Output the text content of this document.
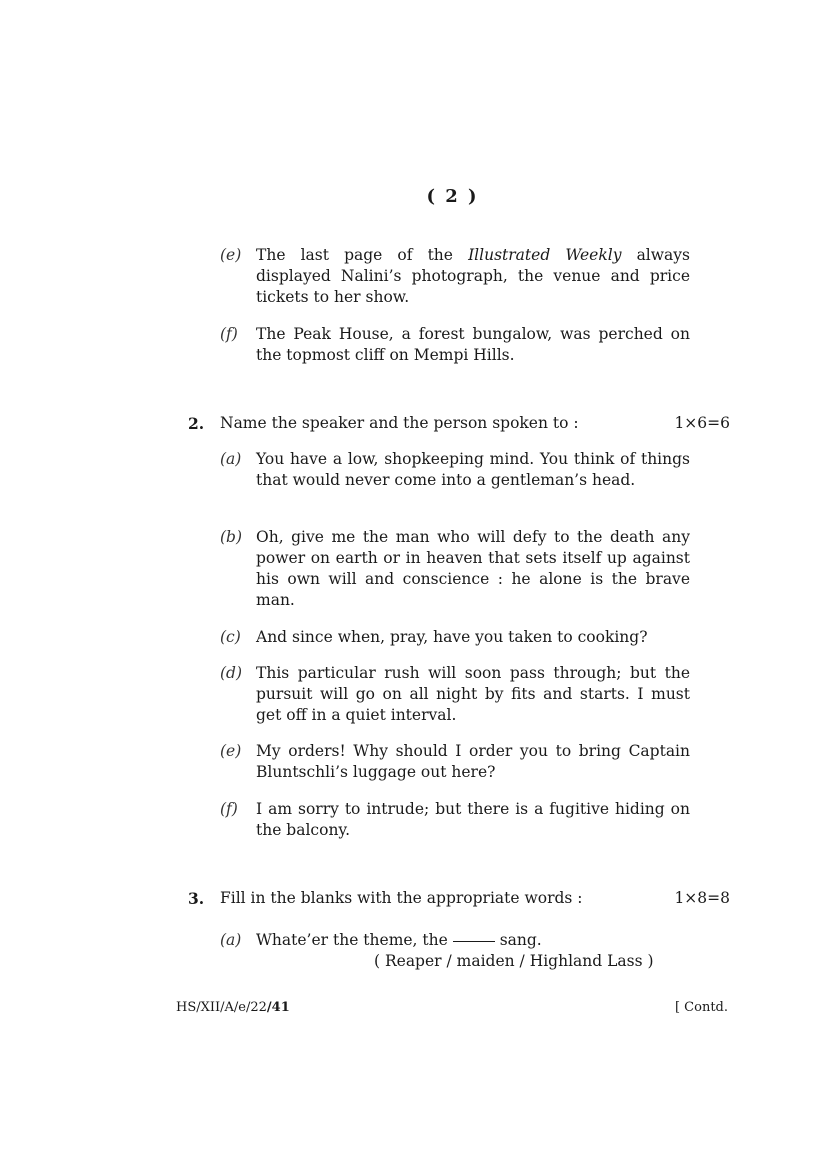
( 2 )
(e) The last page of the Illustrated Weekly always displayed Nalini’s photograph, the venue and price tickets to her show.
(f) The Peak House, a forest bungalow, was perched on the topmost cliff on Mempi Hills.
2. Name the speaker and the person spoken to :	1×6=6
(a) You have a low, shopkeeping mind. You think of things that would never come into a gentleman’s head.
(b) Oh, give me the man who will defy to the death any power on earth or in heaven that sets itself up against his own will and conscience : he alone is the brave man.
(c) And since when, pray, have you taken to cooking?
(d) This particular rush will soon pass through; but the pursuit will go on all night by fits and starts. I must get off in a quiet interval.
(e) My orders! Why should I order you to bring Captain Bluntschli’s luggage out here?
(f) I am sorry to intrude; but there is a fugitive hiding on the balcony.
3. Fill in the blanks with the appropriate words :	1×8=8
(a) Whate’er the theme, the	sang.
( Reaper / maiden / Highland Lass )
HS/XII/A/e/22/41	[ Contd.
